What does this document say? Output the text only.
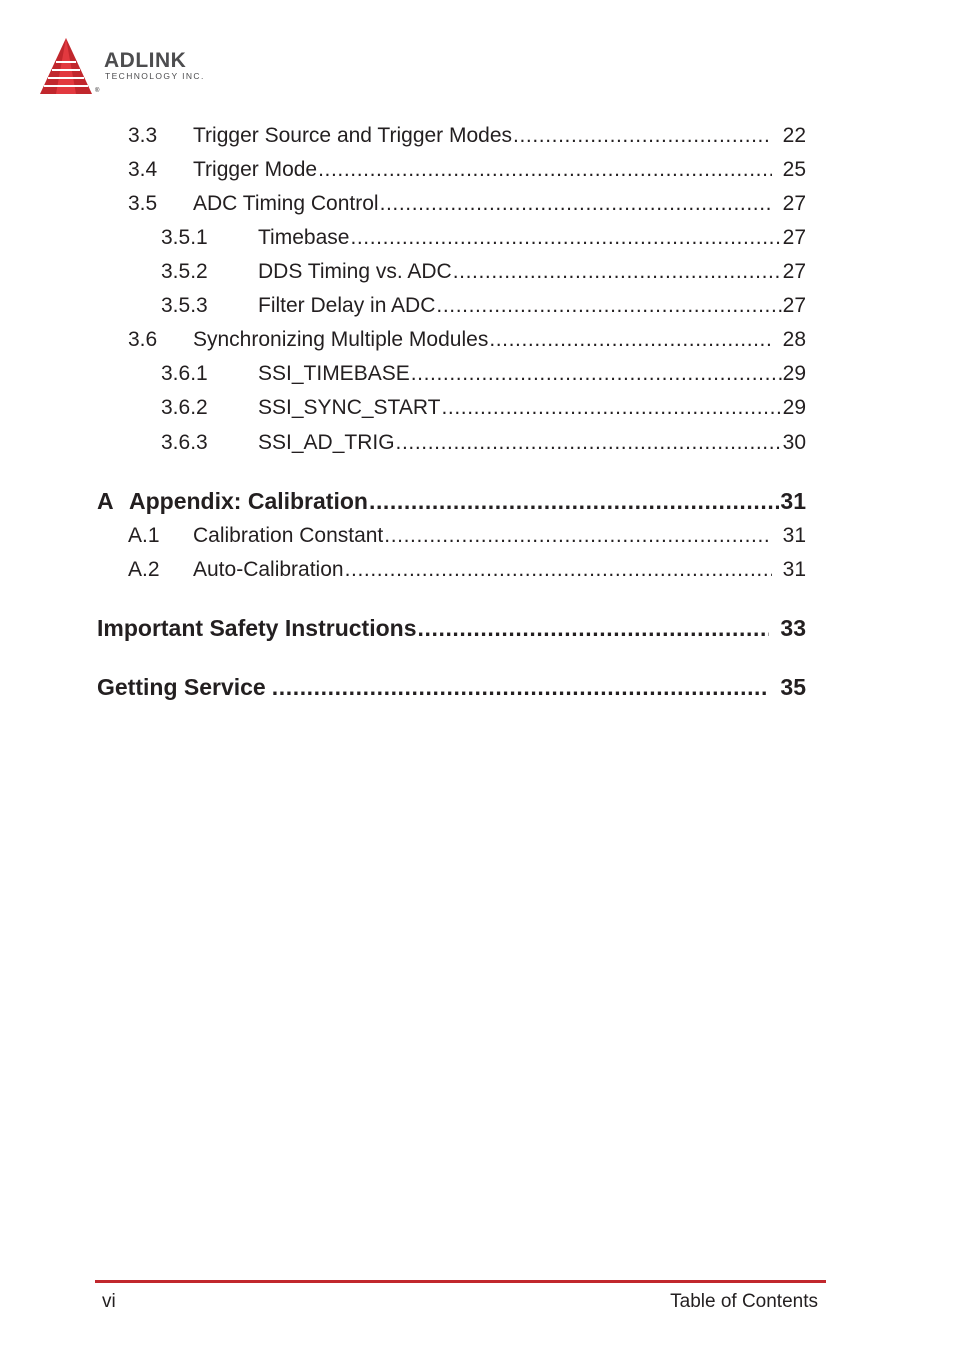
ADLINK
TECHNOLOGY INC.
®
3.3 Trigger Source and Trigger Modes .....	22
3.4 Trigger Mode .....	25
3.5 ADC Timing Control .....	27
3.5.1 Timebase .....	27
3.5.2 DDS Timing vs. ADC .....	27
3.5.3 Filter Delay in ADC .....	27
3.6 Synchronizing Multiple Modules .....	28
3.6.1 SSI_TIMEBASE .....	29
3.6.2 SSI_SYNC_START .....	29
3.6.3 SSI_AD_TRIG .....	30
A Appendix: Calibration .....	31
A.1 Calibration Constant .....	31
A.2 Auto-Calibration .....	31
Important Safety Instructions .....	33
Getting Service .....	35
vi	Table of Contents
